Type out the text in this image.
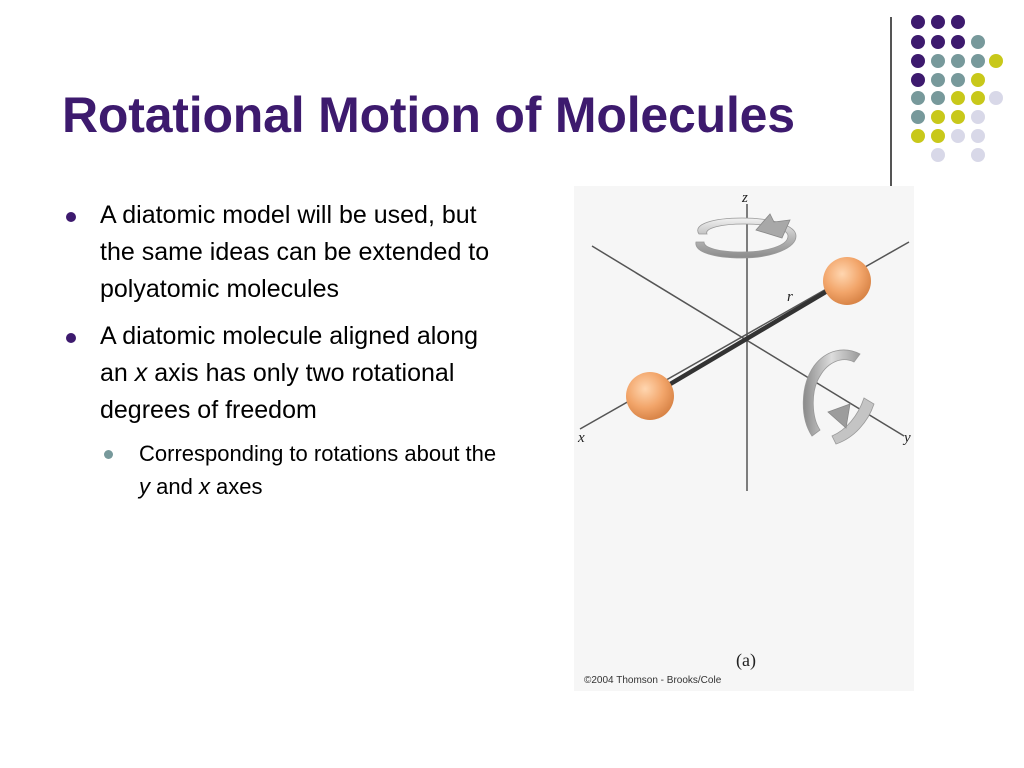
Rotational Motion of Molecules
A diatomic model will be used, but the same ideas can be extended to polyatomic molecules
A diatomic molecule aligned along an x axis has only two rotational degrees of freedom
Corresponding to rotations about the y and x axes
z
x	y
r
(a)
©2004 Thomson - Brooks/Cole
